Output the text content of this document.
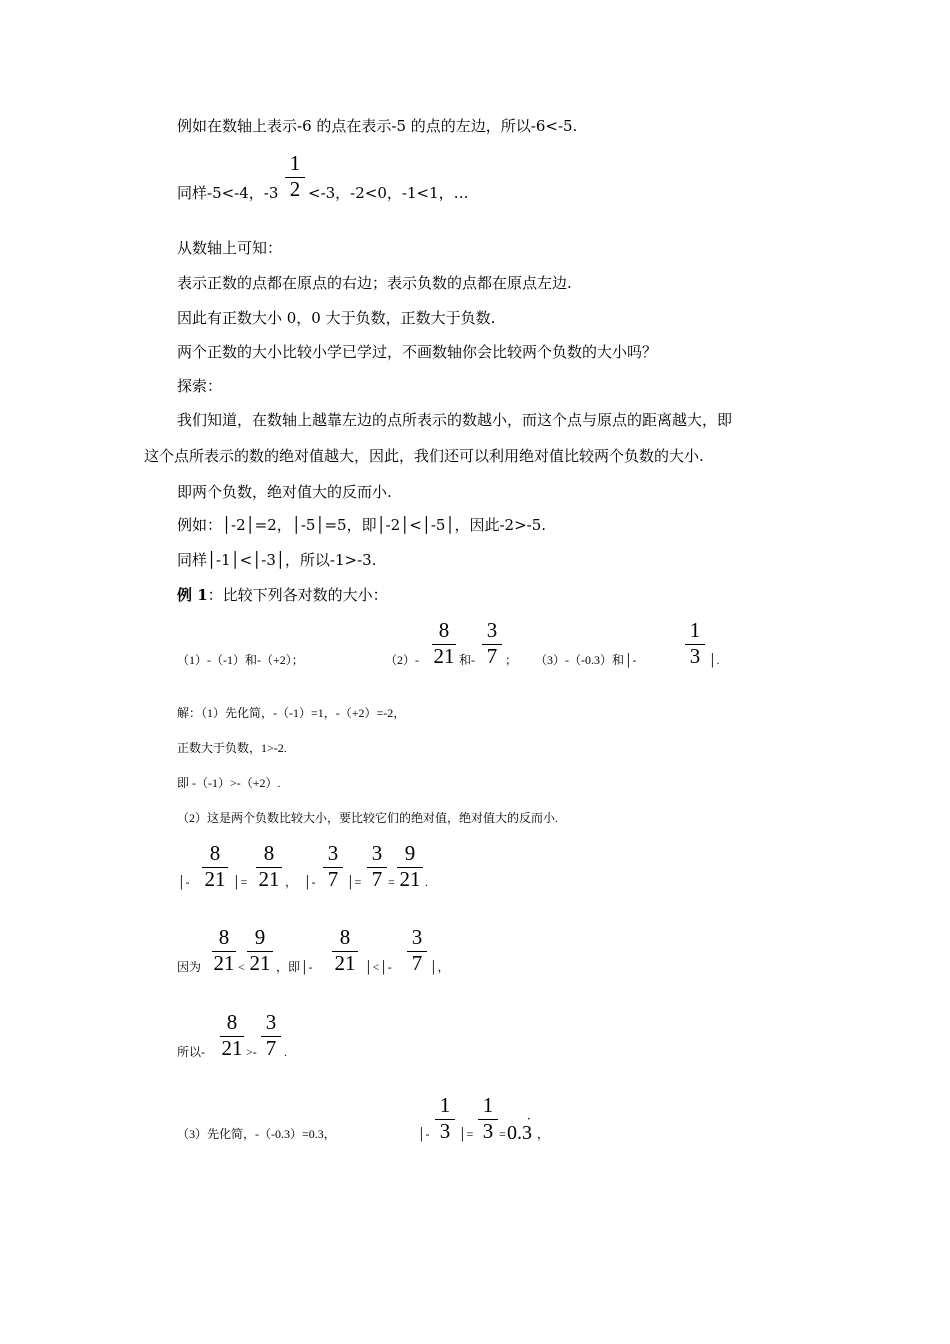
例如在数轴上表示-6 的点在表示-5 的点的左边，所以-6<-5.
同样-5<-4，-3
1
2 <-3，-2<0，-1<1，…
从数轴上可知：
表示正数的点都在原点的右边；表示负数的点都在原点左边.
因此有正数大小 0，0 大于负数，正数大于负数.
两个正数的大小比较小学已学过，不画数轴你会比较两个负数的大小吗？
探索：
我们知道，在数轴上越靠左边的点所表示的数越小，而这个点与原点的距离越大，即
这个点所表示的数的绝对值越大，因此，我们还可以利用绝对值比较两个负数的大小.
即两个负数，绝对值大的反而小.
例如：│-2│=2，│-5│=5，即│-2│<│-5│，因此-2>-5.
同样│-1│<│-3│，所以-1>-3.
例 1：比较下列各对数的大小：
（1）-（-1）和-（+2）；	（2）-
8
21 和-
3
7 ； （3）-（-0.3）和│-
1
3 │.
解：（1）先化简，-（-1）=1，-（+2）=-2，
正数大于负数，1>-2.
即 -（-1）>-（+2）.
（2）这是两个负数比较大小，要比较它们的绝对值，绝对值大的反而小.
│-
8
21 │=
8
21 ， │-
3
7 │=
3
7 =
9
21 .
因为
8
21 <
9
21 ，即│-
8
21 │<│-
3
7 │，
所以-
8
21 >-
3
7 .
（3）先化简，-（-0.3）=0.3，	│-
1
3 │=
1
3 = 0.3
·
，
